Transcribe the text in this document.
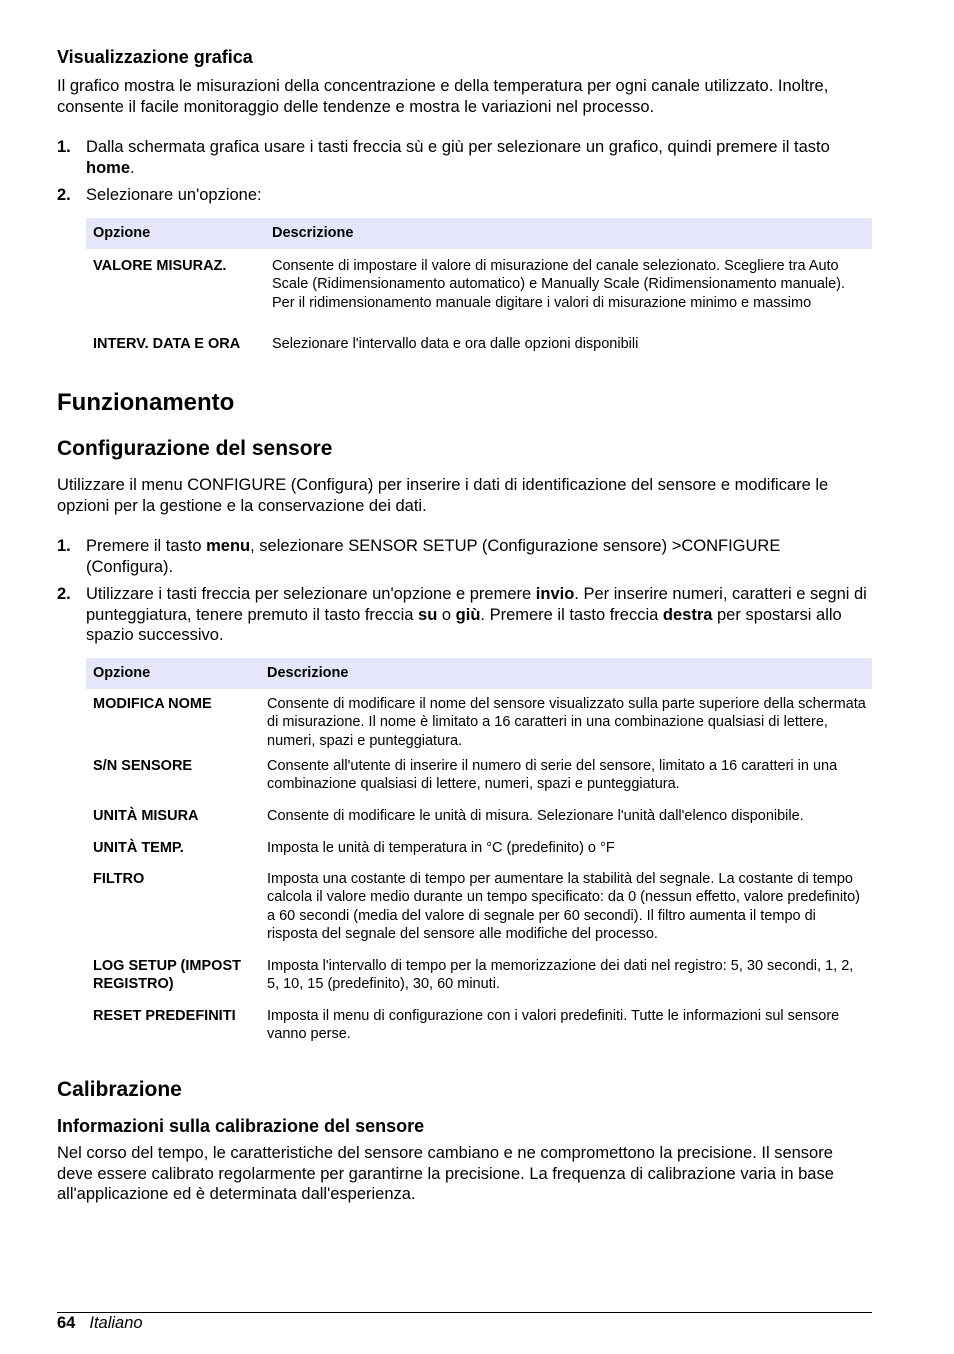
Visualizzazione grafica
Il grafico mostra le misurazioni della concentrazione e della temperatura per ogni canale utilizzato. Inoltre, consente il facile monitoraggio delle tendenze e mostra le variazioni nel processo.
1. Dalla schermata grafica usare i tasti freccia sù e giù per selezionare un grafico, quindi premere il tasto home.
2. Selezionare un'opzione:
Opzione	Descrizione
VALORE MISURAZ.	Consente di impostare il valore di misurazione del canale selezionato. Scegliere tra Auto Scale (Ridimensionamento automatico) e Manually Scale (Ridimensionamento manuale). Per il ridimensionamento manuale digitare i valori di misurazione minimo e massimo
INTERV. DATA E ORA	Selezionare l'intervallo data e ora dalle opzioni disponibili
Funzionamento
Configurazione del sensore
Utilizzare il menu CONFIGURE (Configura) per inserire i dati di identificazione del sensore e modificare le opzioni per la gestione e la conservazione dei dati.
1. Premere il tasto menu, selezionare SENSOR SETUP (Configurazione sensore) >CONFIGURE (Configura).
2. Utilizzare i tasti freccia per selezionare un'opzione e premere invio. Per inserire numeri, caratteri e segni di punteggiatura, tenere premuto il tasto freccia su o giù. Premere il tasto freccia destra per spostarsi allo spazio successivo.
Opzione	Descrizione
MODIFICA NOME	Consente di modificare il nome del sensore visualizzato sulla parte superiore della schermata di misurazione. Il nome è limitato a 16 caratteri in una combinazione qualsiasi di lettere, numeri, spazi e punteggiatura.
S/N SENSORE	Consente all'utente di inserire il numero di serie del sensore, limitato a 16 caratteri in una combinazione qualsiasi di lettere, numeri, spazi e punteggiatura.
UNITÀ MISURA	Consente di modificare le unità di misura. Selezionare l'unità dall'elenco disponibile.
UNITÀ TEMP.	Imposta le unità di temperatura in °C (predefinito) o °F
FILTRO	Imposta una costante di tempo per aumentare la stabilità del segnale. La costante di tempo calcola il valore medio durante un tempo specificato: da 0 (nessun effetto, valore predefinito) a 60 secondi (media del valore di segnale per 60 secondi). Il filtro aumenta il tempo di risposta del segnale del sensore alle modifiche del processo.
LOG SETUP (IMPOST REGISTRO)	Imposta l'intervallo di tempo per la memorizzazione dei dati nel registro: 5, 30 secondi, 1, 2, 5, 10, 15 (predefinito), 30, 60 minuti.
RESET PREDEFINITI	Imposta il menu di configurazione con i valori predefiniti. Tutte le informazioni sul sensore vanno perse.
Calibrazione
Informazioni sulla calibrazione del sensore
Nel corso del tempo, le caratteristiche del sensore cambiano e ne compromettono la precisione. Il sensore deve essere calibrato regolarmente per garantirne la precisione. La frequenza di calibrazione varia in base all'applicazione ed è determinata dall'esperienza.
64 Italiano
